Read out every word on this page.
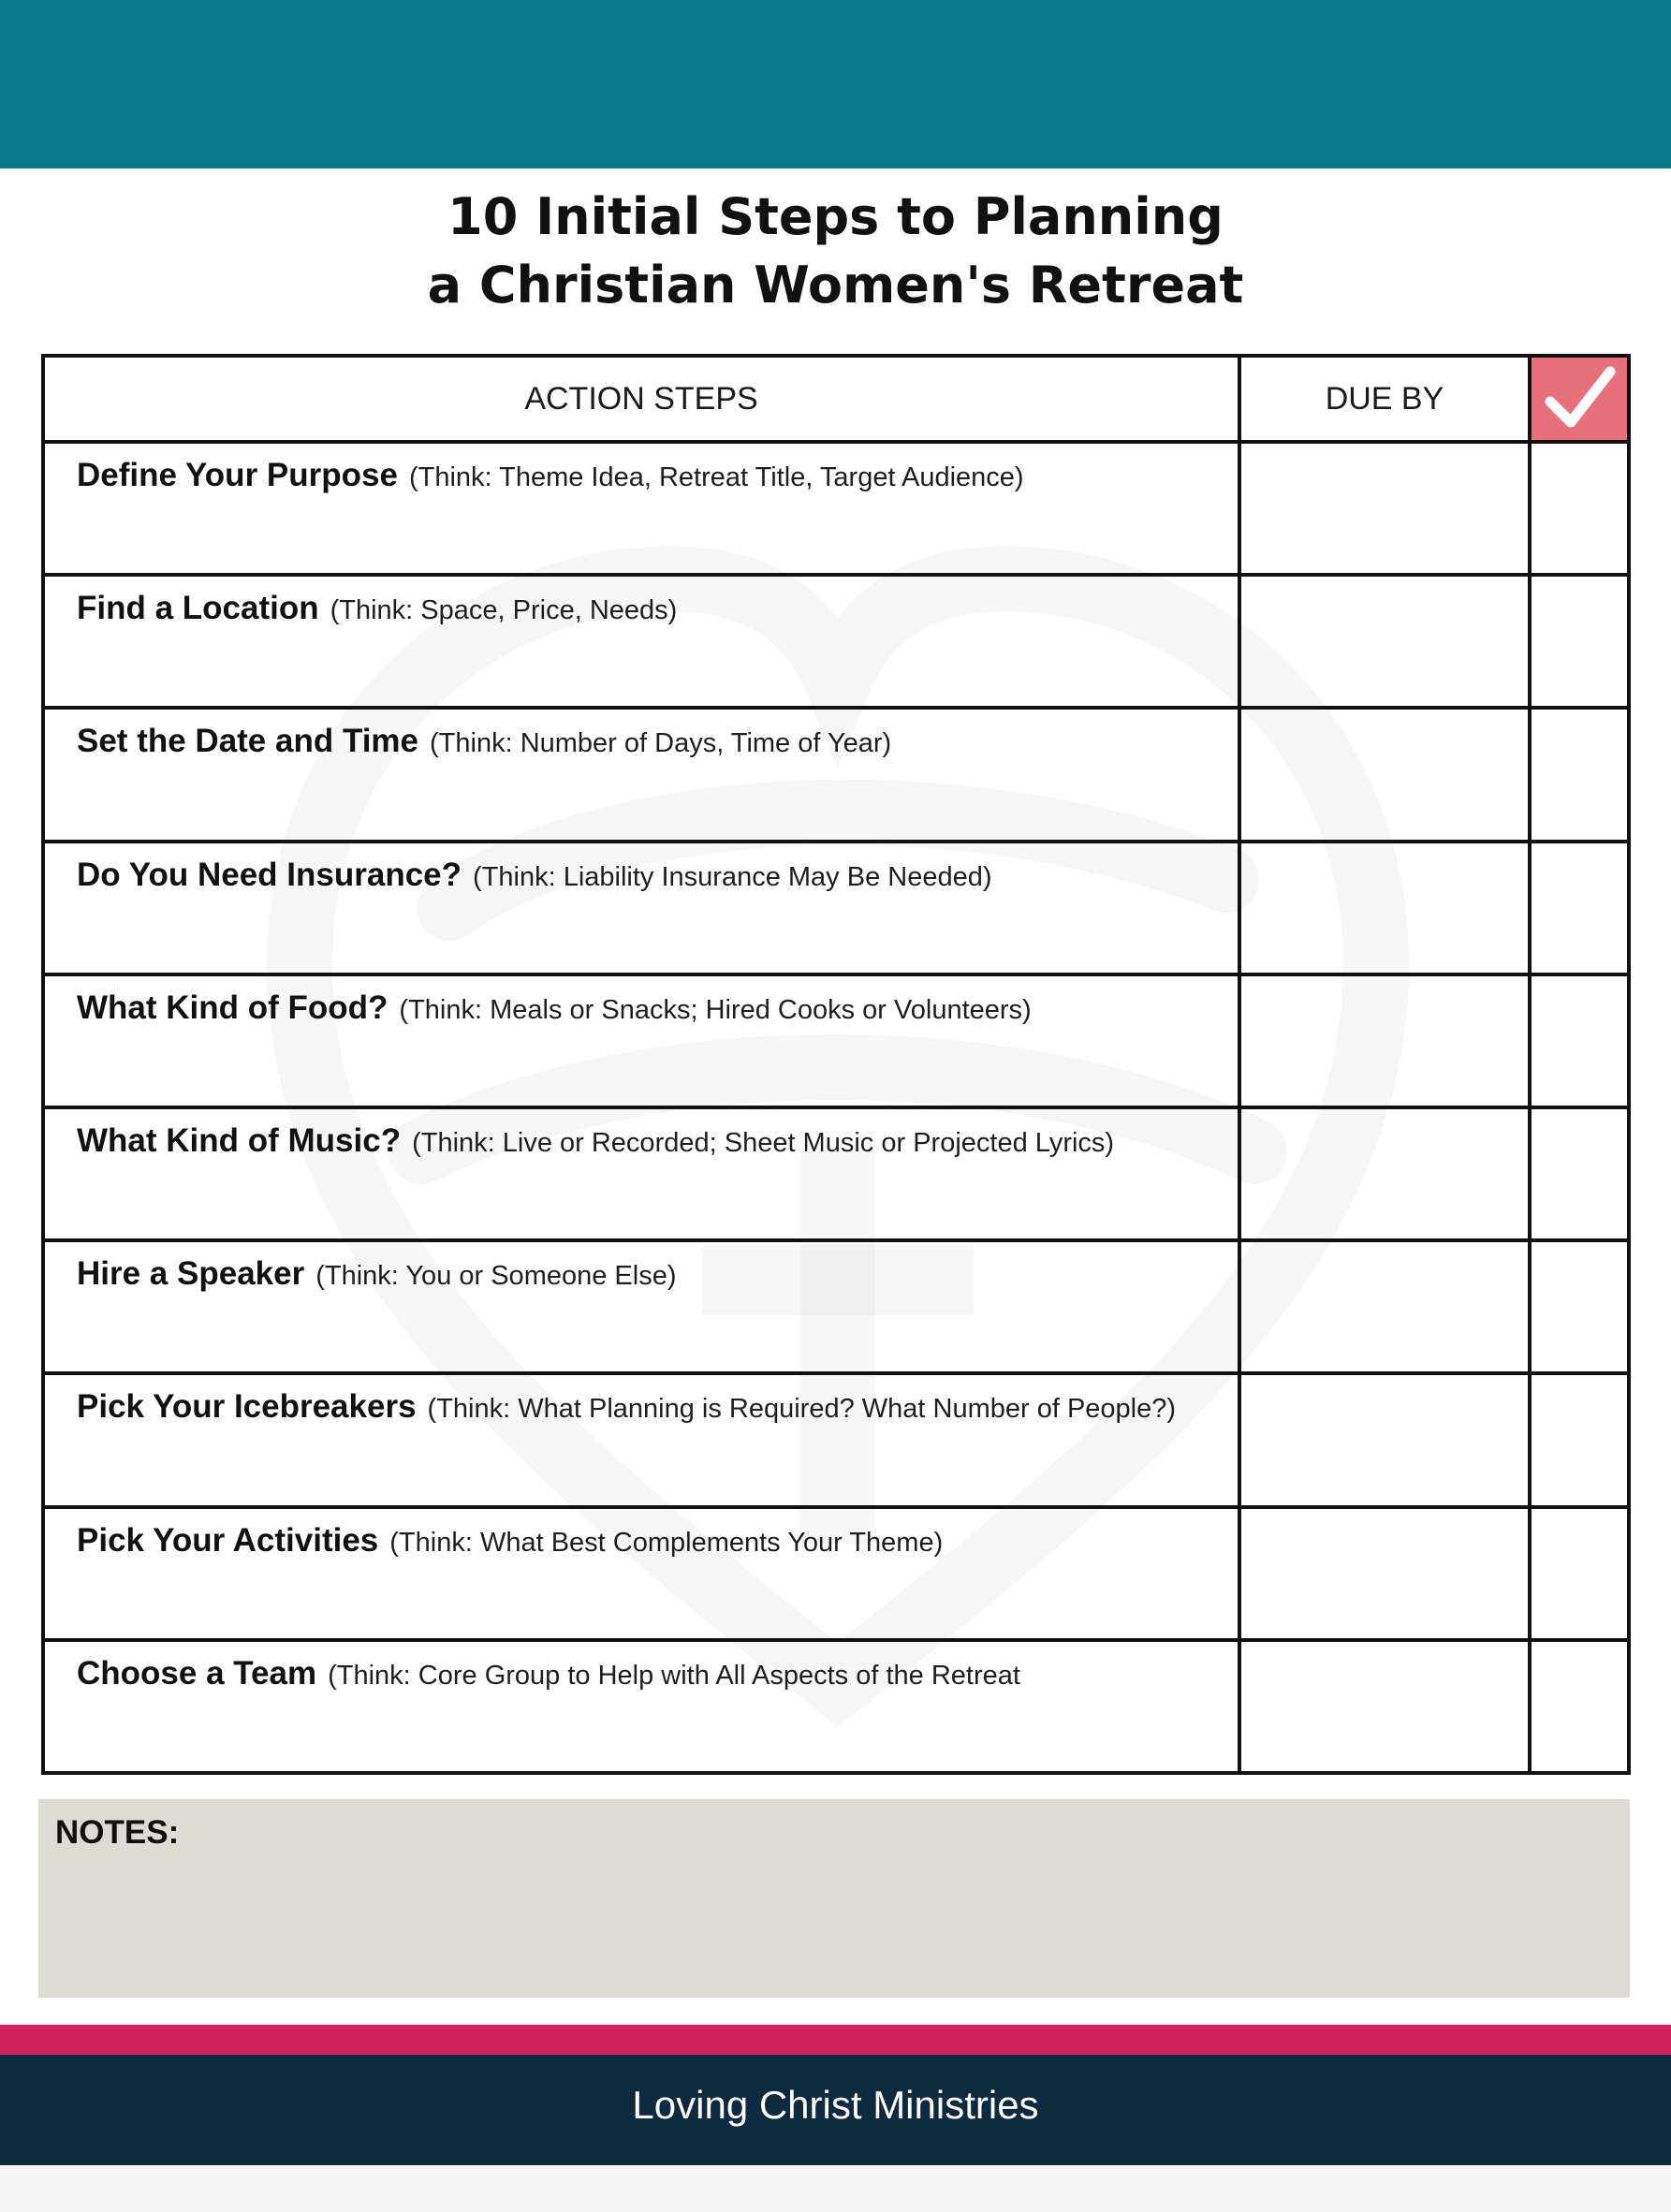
10 Initial Steps to Planning
a Christian Women's Retreat
ACTION STEPS	DUE BY	

Define Your Purpose (Think: Theme Idea, Retreat Title, Target Audience)		

Find a Location (Think: Space, Price, Needs)		

Set the Date and Time (Think: Number of Days, Time of Year)		

Do You Need Insurance? (Think: Liability Insurance May Be Needed)		

What Kind of Food? (Think: Meals or Snacks; Hired Cooks or Volunteers)		

What Kind of Music? (Think: Live or Recorded; Sheet Music or Projected Lyrics)		

Hire a Speaker (Think: You or Someone Else)		

Pick Your Icebreakers (Think: What Planning is Required? What Number of People?)		

Pick Your Activities (Think: What Best Complements Your Theme)		

Choose a Team (Think: Core Group to Help with All Aspects of the Retreat		

NOTES:
Loving Christ Ministries
